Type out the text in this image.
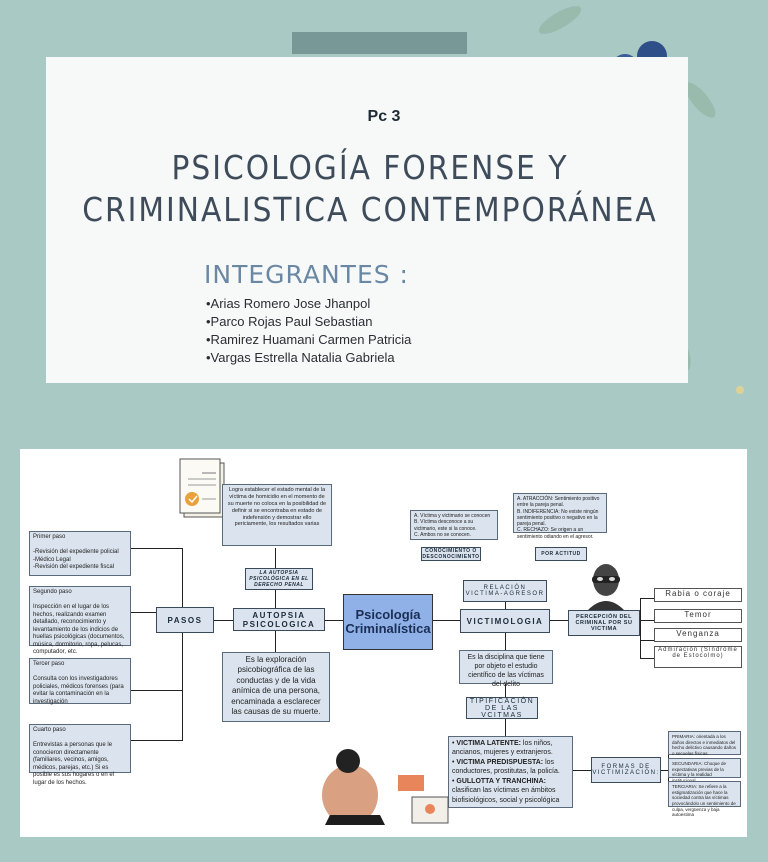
Pc 3
PSICOLOGÍA FORENSE Y
CRIMINALISTICA CONTEMPORÁNEA
INTEGRANTES :
•Arias Romero Jose Jhanpol
•Parco Rojas Paul Sebastian
•Ramirez Huamani Carmen Patricia
•Vargas Estrella Natalia Gabriela
Primer paso

-Revisión del expediente policial
-Médico Legal
-Revisión del expediente fiscal
Segundo paso

Inspección en el lugar de los hechos, realizando examen detallado, reconocimiento y levantamiento de los indicios de huellas psicológicas (documentos, música, dormitorio, ropa, pelucas, computador, etc.
Tercer paso

Consulta con los investigadores policiales, médicos forenses (para evitar la contaminación en la investigación
Cuarto paso

Entrevistas a personas que le conocieron directamente (familiares, vecinos, amigos, médicos, parejas, etc.) Si es posible es sus hogares o en el lugar de los hechos.
PASOS
Logra establecer el estado mental de la víctima de homicidio en el momento de su muerte no coloca en la posibilidad de definir si se encontraba en estado de indefensión y demostrar ello periciamente, los resultados varias
LA AUTOPSIA PSICOLÓGICA EN EL DERECHO PENAL
AUTOPSIA PSICOLOGICA
Es la exploración psicobiográfica de las conductas y de la vida anímica de una persona, encaminada a esclarecer las causas de su muerte.
Psicología Criminalística
A. Víctima y victimario se conocen
B. Víctima desconoce a su victimario, este si la conoce.
C. Ambos no se conocen.
CONOCIMIENTO O DESCONOCIMIENTO
A. ATRACCIÓN: Sentimiento positivo entre la pareja penal.
B. INDIFERENCIA: No existe ningún sentimiento positivo o negativo en la pareja penal.
C. RECHAZO: Se origen a un sentimiento odiando en el agresor.
POR ACTITUD
RELACIÓN VICTIMA-AGRESOR
VICTIMOLOGIA
Es la disciplina que tiene por objeto el estudio científico de las víctimas del delito
TIPIFICACIÓN DE LAS VCITMAS
• VICTIMA LATENTE: los niños, ancianos, mujeres y extranjeros.
• VICTIMA PREDISPUESTA: los conductores, prostitutas, la policía.
• GULLOTTA Y TRANCHINA: clasifican las víctimas en ámbitos biofisiológicos, social y psicológica
FORMAS DE VICTIMIZACIÓN:
PRIMARIA: orientada a los daños directos e inmediatos del hecho delictivo causando daños o secuelas físicas.
SECUNDARIA: Choque de expectativas previas de la víctima y la realidad
TERCIARIA: Se refiere a la estigmatización que hace la sociedad contra las víctimas provocándolo un sentimiento de culpa, vergüenza y baja autoestima
PERCEPCIÓN DEL CRIMINAL POR SU VICTIMA
Rabia o coraje
Temor
Venganza
Admiración (Síndrome de Estocolmo)
